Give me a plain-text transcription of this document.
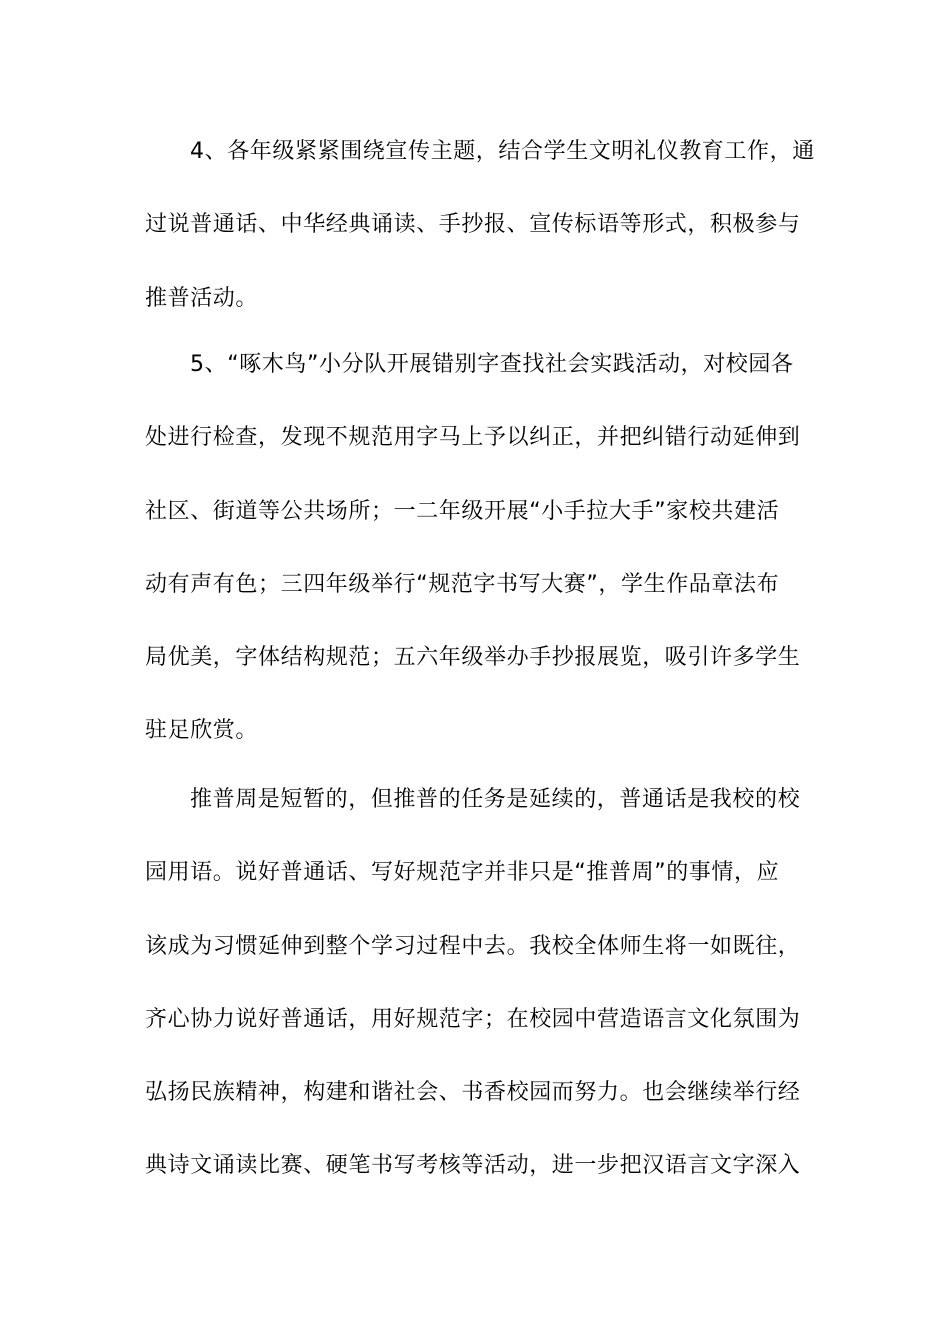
4、各年级紧紧围绕宣传主题，结合学生文明礼仪教育工作，通
过说普通话、中华经典诵读、手抄报、宣传标语等形式，积极参与
推普活动。
5、“啄木鸟”小分队开展错别字查找社会实践活动，对校园各
处进行检查，发现不规范用字马上予以纠正，并把纠错行动延伸到
社区、街道等公共场所；一二年级开展“小手拉大手”家校共建活
动有声有色；三四年级举行“规范字书写大赛”，学生作品章法布
局优美，字体结构规范；五六年级举办手抄报展览，吸引许多学生
驻足欣赏。
推普周是短暂的，但推普的任务是延续的，普通话是我校的校
园用语。说好普通话、写好规范字并非只是“推普周”的事情，应
该成为习惯延伸到整个学习过程中去。我校全体师生将一如既往，
齐心协力说好普通话，用好规范字；在校园中营造语言文化氛围为
弘扬民族精神，构建和谐社会、书香校园而努力。也会继续举行经
典诗文诵读比赛、硬笔书写考核等活动，进一步把汉语言文字深入
